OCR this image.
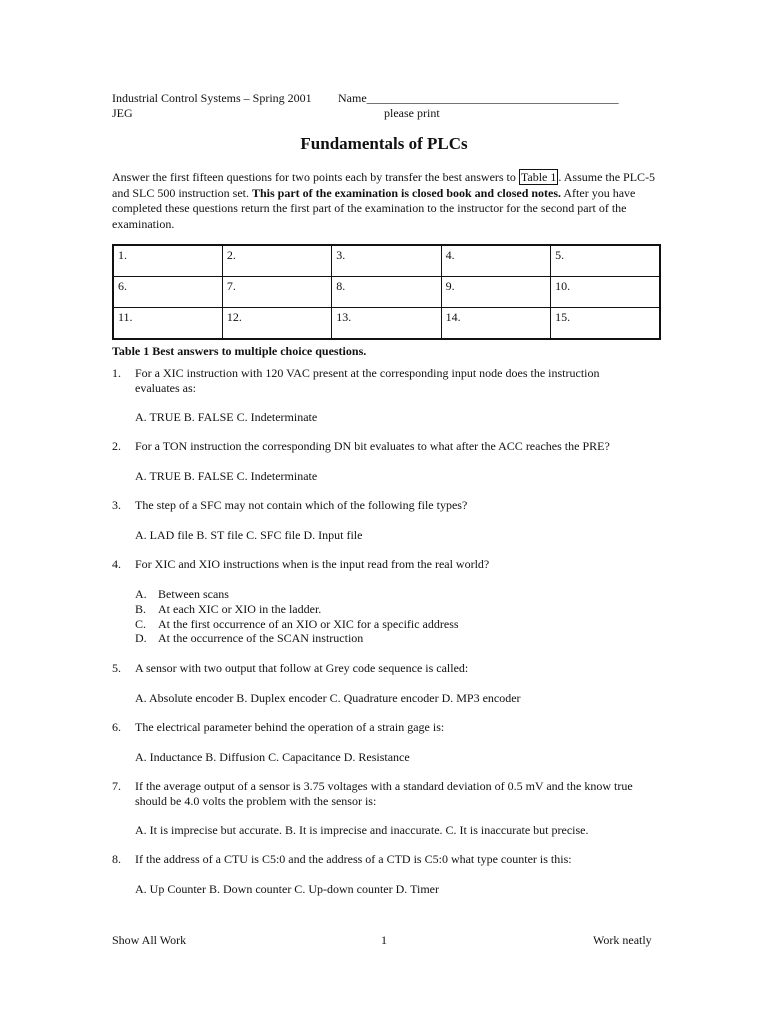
Industrial Control Systems – Spring 2001 Name__________________________________________
JEG	please print
Fundamentals of PLCs
Answer the first fifteen questions for two points each by transfer the best answers to Table 1 . Assume the PLC-5 and SLC 500 instruction set. This part of the examination is closed book and closed notes. After you have completed these questions return the first part of the examination to the instructor for the second part of the examination.
1.	2.	3.	4.	5.
6.	7.	8.	9.	10.
11.	12.	13.	14.	15.
Table 1 Best answers to multiple choice questions.
1. For a XIC instruction with 120 VAC present at the corresponding input node does the instruction
evaluates as:
A. TRUE B. FALSE C. Indeterminate
2. For a TON instruction the corresponding DN bit evaluates to what after the ACC reaches the PRE?
A. TRUE B. FALSE C. Indeterminate
3. The step of a SFC may not contain which of the following file types?
A. LAD file B. ST file C. SFC file D. Input file
4. For XIC and XIO instructions when is the input read from the real world?
A. Between scans
B. At each XIC or XIO in the ladder.
C. At the first occurrence of an XIO or XIC for a specific address
D. At the occurrence of the SCAN instruction
5. A sensor with two output that follow at Grey code sequence is called:
A. Absolute encoder B. Duplex encoder C. Quadrature encoder D. MP3 encoder
6. The electrical parameter behind the operation of a strain gage is:
A. Inductance B. Diffusion C. Capacitance D. Resistance
7. If the average output of a sensor is 3.75 voltages with a standard deviation of 0.5 mV and the know true
should be 4.0 volts the problem with the sensor is:
A. It is imprecise but accurate. B. It is imprecise and inaccurate. C. It is inaccurate but precise.
8. If the address of a CTU is C5:0 and the address of a CTD is C5:0 what type counter is this:
A. Up Counter B. Down counter C. Up-down counter D. Timer
Show All Work	1	Work neatly
